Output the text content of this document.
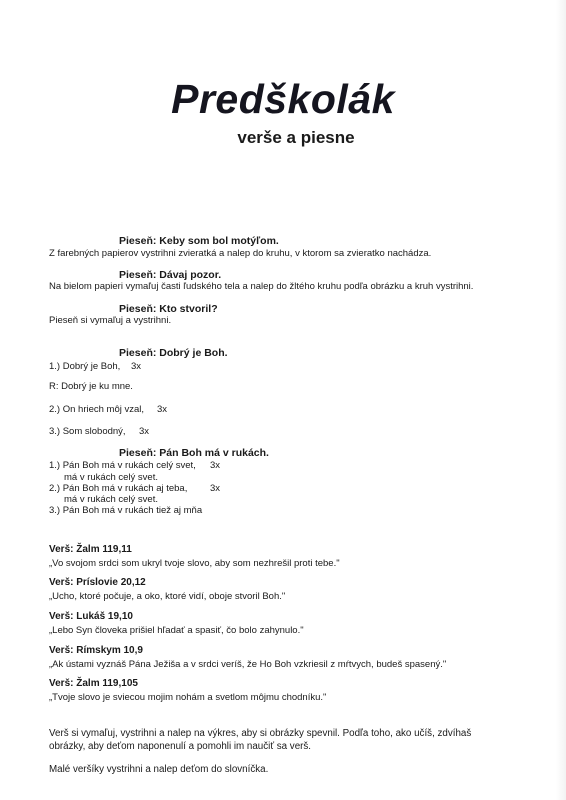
Predškolák
verše a piesne
Pieseň: Keby som bol motýľom.
Z farebných papierov vystrihni zvieratká a nalep do kruhu, v ktorom sa zvieratko nachádza.
Pieseň: Dávaj pozor.
Na bielom papieri vymaľuj časti ľudského tela a nalep do žltého kruhu podľa obrázku a kruh vystrihni.
Pieseň: Kto stvoril?
Pieseň si vymaľuj a vystrihni.
Pieseň: Dobrý je Boh.
1.) Dobrý je Boh, 3x
R: Dobrý je ku mne.
2.) On hriech môj vzal, 3x
3.) Som slobodný, 3x
Pieseň: Pán Boh má v rukách.
1.) Pán Boh má v rukách celý svet, 3x
má v rukách celý svet.
2.) Pán Boh má v rukách aj teba, 3x
má v rukách celý svet.
3.) Pán Boh má v rukách tiež aj mňa
Verš: Žalm 119,11
„Vo svojom srdci som ukryl tvoje slovo, aby som nezhrešil proti tebe."
Verš: Príslovie 20,12
„Ucho, ktoré počuje, a oko, ktoré vidí, oboje stvoril Boh."
Verš: Lukáš 19,10
„Lebo Syn človeka prišiel hľadať a spasiť, čo bolo zahynulo."
Verš: Rímskym 10,9
„Ak ústami vyznáš Pána Ježiša a v srdci veríš, že Ho Boh vzkriesil z mŕtvych, budeš spasený."
Verš: Žalm 119,105
„Tvoje slovo je sviecou mojim nohám a svetlom môjmu chodníku."
Verš si vymaľuj, vystrihni a nalep na výkres, aby si obrázky spevnil. Podľa toho, ako učíš, zdvíhaš
obrázky, aby deťom naponenulí a pomohli im naučiť sa verš.
Malé veršíky vystrihni a nalep deťom do slovníčka.
